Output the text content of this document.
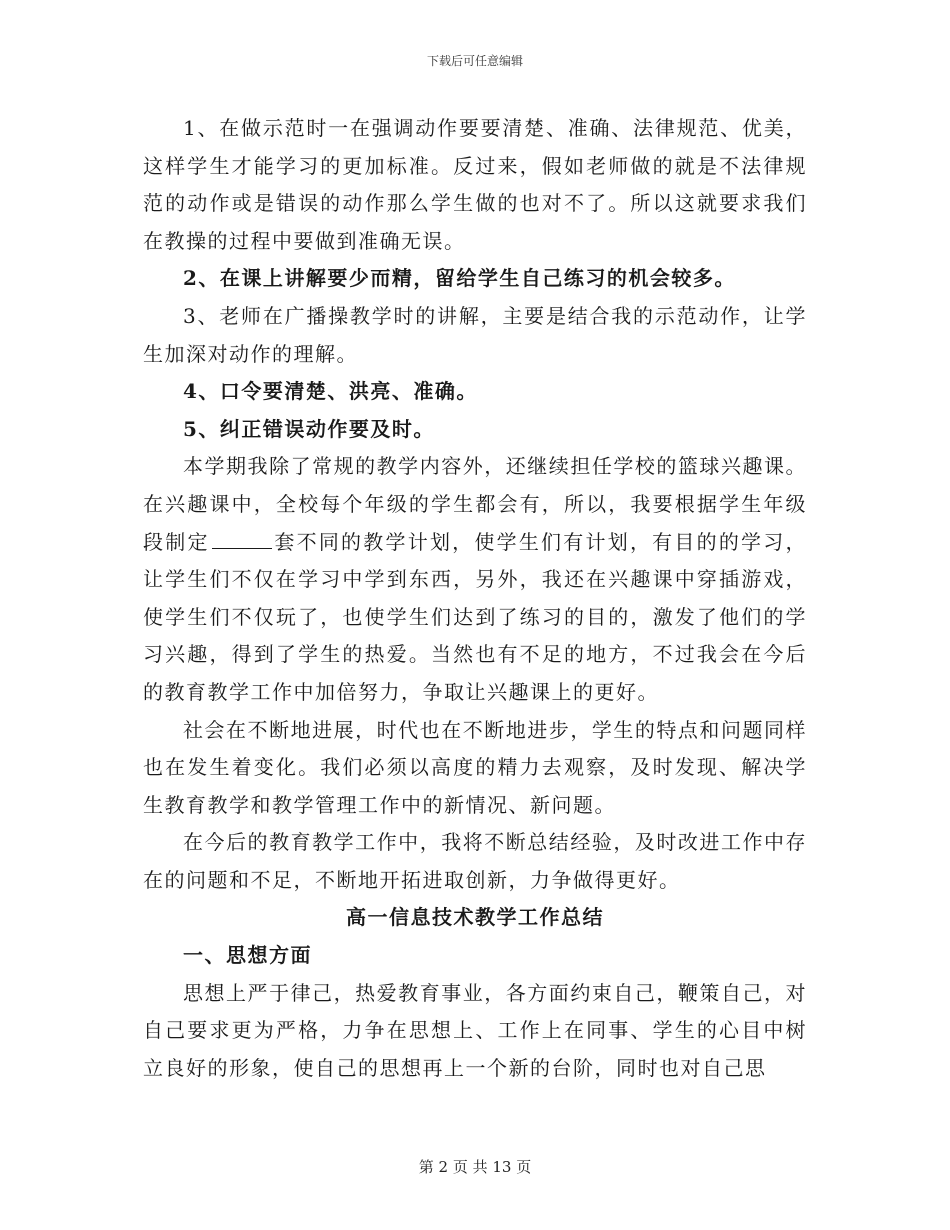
下载后可任意编辑

1、在做示范时一在强调动作要要清楚、准确、法律规范、优美，这样学生才能学习的更加标准。反过来，假如老师做的就是不法律规范的动作或是错误的动作那么学生做的也对不了。所以这就要求我们在教操的过程中要做到准确无误。

2、在课上讲解要少而精，留给学生自己练习的机会较多。

3、老师在广播操教学时的讲解，主要是结合我的示范动作，让学生加深对动作的理解。

4、口令要清楚、洪亮、准确。

5、纠正错误动作要及时。

本学期我除了常规的教学内容外，还继续担任学校的篮球兴趣课。在兴趣课中，全校每个年级的学生都会有，所以，我要根据学生年级段制定	套不同的教学计划，使学生们有计划，有目的的学习，让学生们不仅在学习中学到东西，另外，我还在兴趣课中穿插游戏，使学生们不仅玩了，也使学生们达到了练习的目的，激发了他们的学习兴趣，得到了学生的热爱。当然也有不足的地方，不过我会在今后的教育教学工作中加倍努力，争取让兴趣课上的更好。

社会在不断地进展，时代也在不断地进步，学生的特点和问题同样也在发生着变化。我们必须以高度的精力去观察，及时发现、解决学生教育教学和教学管理工作中的新情况、新问题。

在今后的教育教学工作中，我将不断总结经验，及时改进工作中存在的问题和不足，不断地开拓进取创新，力争做得更好。

高一信息技术教学工作总结

一、思想方面

思想上严于律己，热爱教育事业，各方面约束自己，鞭策自己，对自己要求更为严格，力争在思想上、工作上在同事、学生的心目中树立良好的形象，使自己的思想再上一个新的台阶，同时也对自己思

第 2 页 共 13 页
